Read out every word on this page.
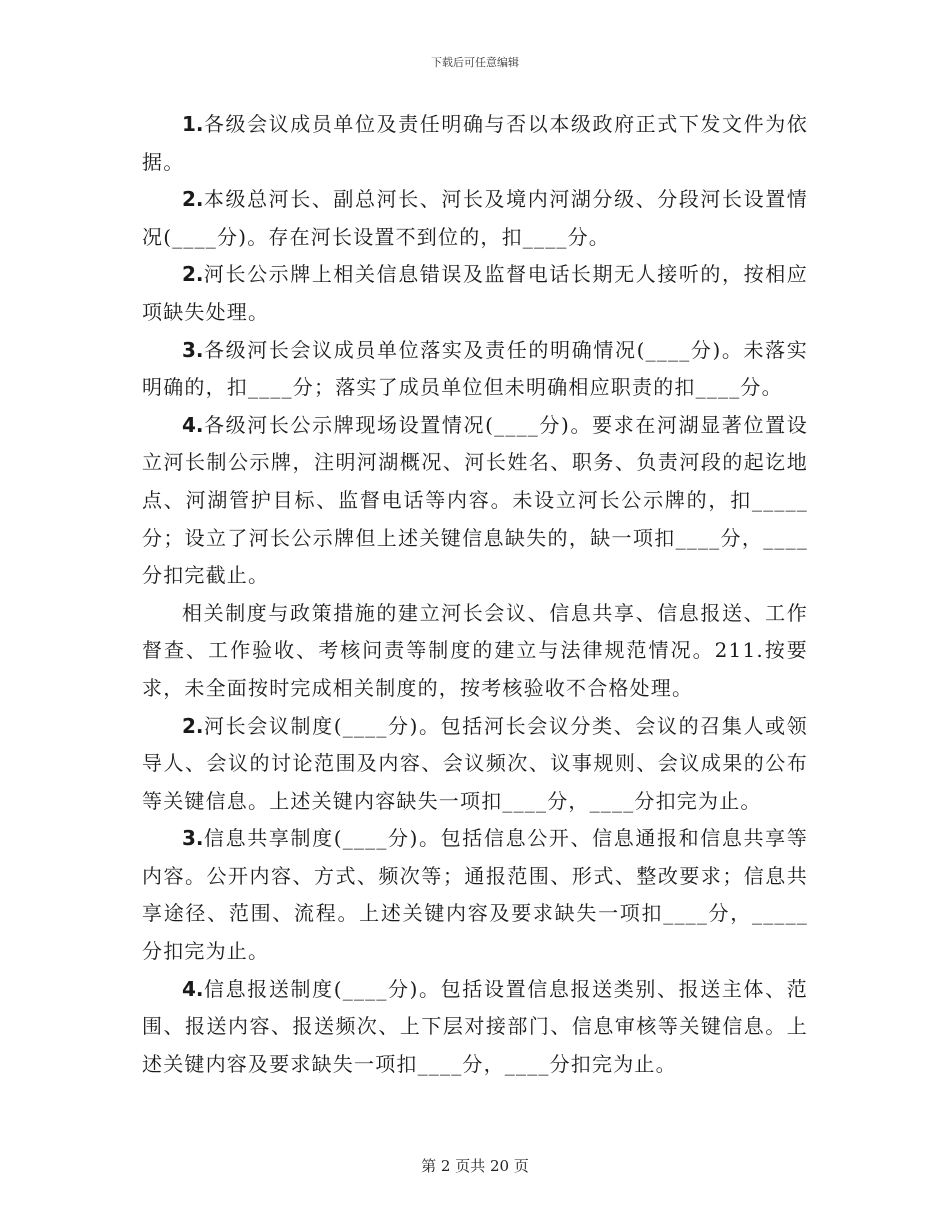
下载后可任意编辑

1.各级会议成员单位及责任明确与否以本级政府正式下发文件为依据。

2.本级总河长、副总河长、河长及境内河湖分级、分段河长设置情况(____分)。存在河长设置不到位的，扣____分。

2.河长公示牌上相关信息错误及监督电话长期无人接听的，按相应项缺失处理。

3.各级河长会议成员单位落实及责任的明确情况(____分)。未落实明确的，扣____分；落实了成员单位但未明确相应职责的扣____分。

4.各级河长公示牌现场设置情况(____分)。要求在河湖显著位置设立河长制公示牌，注明河湖概况、河长姓名、职务、负责河段的起讫地点、河湖管护目标、监督电话等内容。未设立河长公示牌的，扣_____分；设立了河长公示牌但上述关键信息缺失的，缺一项扣____分，____分扣完截止。

相关制度与政策措施的建立河长会议、信息共享、信息报送、工作督查、工作验收、考核问责等制度的建立与法律规范情况。211.按要求，未全面按时完成相关制度的，按考核验收不合格处理。

2.河长会议制度(____分)。包括河长会议分类、会议的召集人或领导人、会议的讨论范围及内容、会议频次、议事规则、会议成果的公布等关键信息。上述关键内容缺失一项扣____分，____分扣完为止。

3.信息共享制度(____分)。包括信息公开、信息通报和信息共享等内容。公开内容、方式、频次等；通报范围、形式、整改要求；信息共享途径、范围、流程。上述关键内容及要求缺失一项扣____分，_____分扣完为止。

4.信息报送制度(____分)。包括设置信息报送类别、报送主体、范围、报送内容、报送频次、上下层对接部门、信息审核等关键信息。上述关键内容及要求缺失一项扣____分，____分扣完为止。

第 2 页共 20 页
